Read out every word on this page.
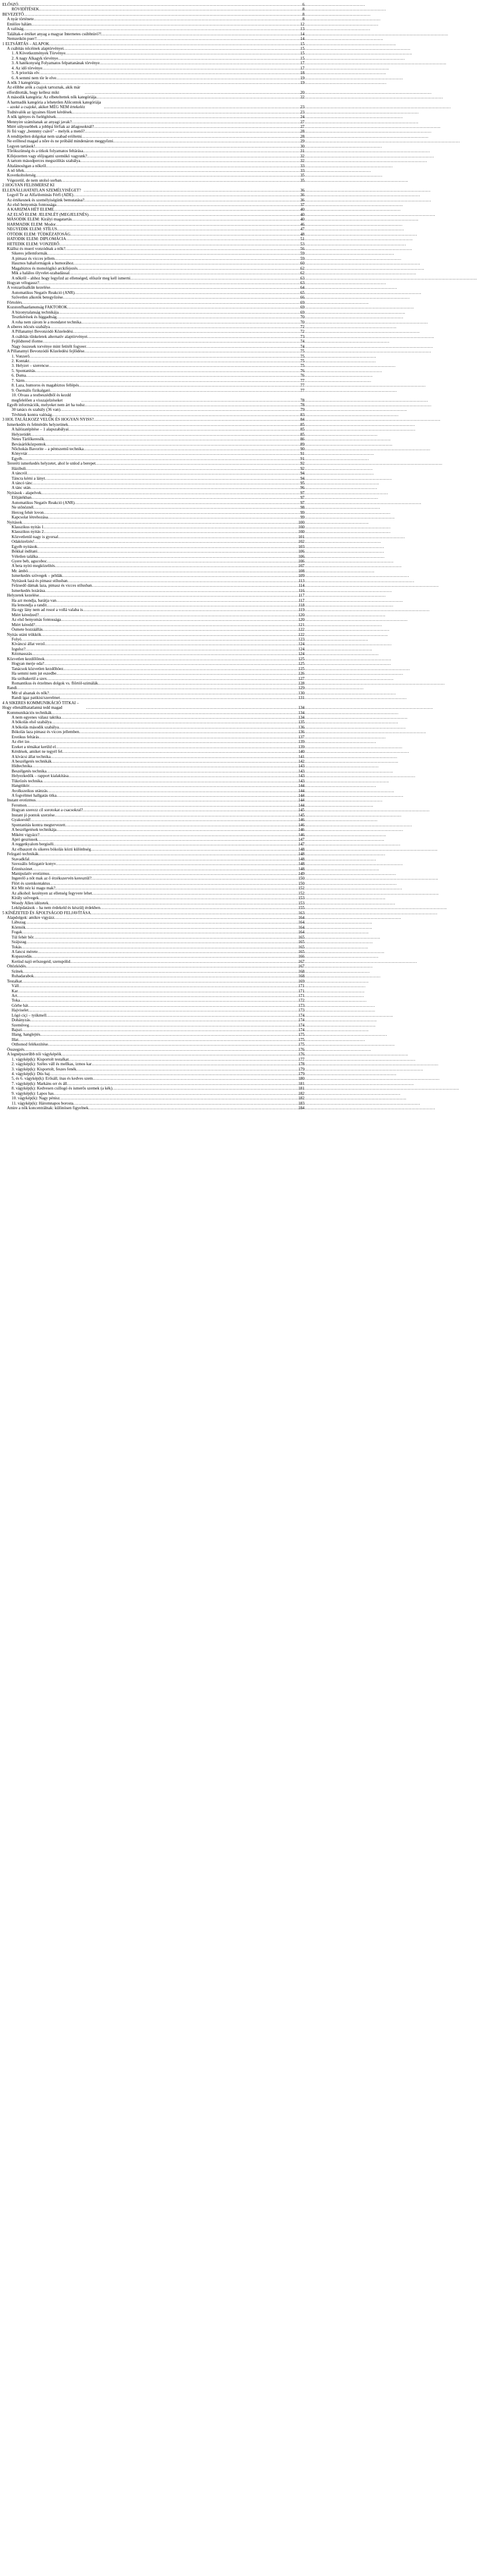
ELŐSZÓ .....	6
RÖVIDÍTÉSEK .....	8
BEVEZETŐ .....	8
A nyár története .....	8
Emlőire hálám .....	12
A valóság .....	13
Találtak-e értéket anyag a magyar Internetes csúbhtúró?! .....	14
Nemzetkön puer? .....	14
1 ELTSÁRTÁS – ALAPOK .....	15
A csábítás nőcéinek alaptörvényei .....	15
1. A Következmények Törvénye .....	15
2. A nagy Alkagyk törvénye .....	15
3. A hatékonység Folyamatos felpattanának törvénye .....	17
4. Az idő törvénye .....	17
5. A prioritás elv .....	18
6. A semmi nem tör le elve .....	19
A nők 3 kategóriája .....	19
Az előbbe arók a csajok tartoznak, akik már elfordították, hogy kellesz mikt .....	20
A második kategória: Az elbeteltettek nők kategóriája .....	22
A harmadik kategória a lehetetlen Alőcontok kategóriája – azoké a csajoké, akiket MÉG NEM értekeléz .....	23
Tudnivalók az ígyaines fűzett kérdések .....	23
A nők igényes és fselégítések .....	24
Mennyire számítanak az anyagi javak? .....	27
Miért súlyosebbek a jobbpá férfiak az átlagosoknál? .....	27
Jó fiú vagy „bennmy csávó" – melyik a menő? .....	28
A rendtipelten dolgokat nem szabad eröltetni .....	28
Ne erőltesd magad a nőre és ne próbáld mindenáron meggyőzni .....	29
Legyen tartások! .....	30
Tőrökszünség és a titkok folyamatos feltárása .....	31
Kifejezetten vagy előjogatni szemükö vagyunk? .....	32
A tartom másodperces megszólítás szabálya .....	32
Általánosítgan a nőkről .....	33
A nő lélek .....	33
Kovetkoltolerség .....	35
Végezetül, de nem utolsó sorban .....	35
2 HOGYAN FELISMERSZ KI ELLENÁLLHATATLAN SZEMÉLYISÉGET? .....	36
Legyél Te az Alfa/dominás Férfi (ADE) .....	36
Az értékesnek és személyiségünk bemutatása? .....	36
Az első benyomás fontossága .....	37
A KARIZMA HÉT ELEME .....	40
AZ ELSŐ ELEM: JELENLÉT (MEGJELENÉS) .....	40
MÁSODIK ELEM: Királyi magatartás .....	40
HARMADIK ELEM: Modor .....	46
NEGYEDIK ELEM: STÍLUS .....	47
ÖTÖDIK ELEM: TÚDKÉZATOSÁG .....	48
HATODIK ELEM: DIPLOMÁCIA .....	51
HETEDIK ELEM: VONZERŐ .....	53
Kiállsz és muerí vonzódnak a nők? .....	56
Sikeres jellemformák .....	59
A pimasz és vicces jellem .....	59
Hasznos hahaformágok a humorához .....	60
Magabiztos és monológikó arckifejezés .....	62
Mik a halálos ölyvelet-szabadással .....	62
A nőkről – ahhoz hogy legyőzd az ellenséged, először meg kell ismerni .....	63
Hogyan vélogassz? .....	63
A vonzarűsalkűn kezelése .....	64
Automatikus Negatív Reakció (ANR) .....	65
Szövetlen alkotók betegyőzése .....	66
Főrtolérs .....	69
Kozstonfhaatlanunság FAKTOROK .....	69
A bizonytalanság technikája .....	69
Tesztkérések és higgadtság .....	70
A roha nem zárom le a mondatot technika .....	70
A siberes nőcsés szabálya .....	72
A Pillanatnyi Bevonzódó Közeledési .....	72
A csábítás tűnkeletek alternatív alaptörvényei .....	73
Fejlődtered iforme .....	74
Nagy összesek torvénye mint fetitélt fogyeer .....	74
A Pillanatnyi Bevonzódó Közeledési fejlődése .....	75
1. Vonzerő .....	75
2. Kontakt .....	75
3. Helyzet – szerencse .....	75
5. Spontanitás .....	76
6. Duma .....	76
7. Sárm .....	77
8. Laza, humoros és magabiztos fellépés .....	77
9. Ösemális fizikalgató .....	77
10. Olvass a testbeszédből és kezdd megfelelően a visszajelzéseket .....	78
Egyéb információk, melyeket nem árt ha tudsz .....	78
30 tanács és szabály (36 van) .....	79
Tévhitek kontra valóság .....	83
3 HOL TALÁLKOZZ VELÜK ÉS HOGYAN NYISS? .....	84
Ismerkedés és felmérdés helyzetinek .....	85
A hálózatépítése – 1 alapszabályai .....	85
Helyzetidét .....	85
Netes Tárlőkeresők .....	86
Bevásárlóközpontok .....	89
Nőchokás Bavorite – a péntszemű technika .....	90
Könyvtár .....	91
Egyéb .....	91
Tereréti ismerkedés helyzetet, ahol le unlod a berepet .....	92
Házibuli .....	92
A táncról .....	94
Táncra kérni a lányt .....	94
A táncó tánc .....	95
A tánc után .....	96
Nyitások - alapelvek .....	97
Előjátékban .....	97
Automatikus Negatív Reakció (ANR) .....	97
Ne stőnöznél .....	98
Herceg fehér lovon .....	99
Kapcsolat létrehozása .....	99
Nyitások .....	100
Klasszikus nyitás 1 .....	100
Klasszikus nyitás 2 .....	100
Közvetlenül nagy is gyorsal .....	101
Odaközelzés! .....	102
Egyéb nyitások .....	103
Bókkal indítani .....	106
Véletlen találka .....	106
Gyere beb, agucoboc .....	106
A beta nyitó megközelítés .....	107
Mr. ámbó .....	108
Ismerkedés szövegek – példák .....	109
Nyitások lazá és pimasz stílusban .....	113
Felzsedő dámak laza, pimasz és vicces stílusban .....	114
Ismerkedés lezárása .....	116
Helyzetek kezelése .....	117
Ha azt mondja, barátja van .....	117
Ha lemondja a randit .....	118
Ha egy lány nem ad rosoé a vollá valaba is .....	119
Miért kéredzed? .....	120
Az első benyomás fontossága .....	120
Miért kéredd? .....	121
Ösmete hozzáállás .....	122
Nyitás utáni trükkök .....	122
Folyó .....	123
Kíváncsi állat verző .....	124
Izgulsz? .....	124
Kézmasszás .....	124
Közvetlen kezdőlőnok .....	125
Hogyan merje oda? .....	125
Tanácsok közvetlen kezdőhöez .....	125
Ha semmi nem jut eszedbe .....	126
Ha szóbakerül a szex .....	127
Romantikus és érzelmes dolgok vs. flőrtöl-szimálák .....	128
Randi .....	129
Mit ul alsanak és nők? .....	130
Randi ígaz patikisi/szerelmet .....	131
4 A SIKERES KOMMUNIKÁCIÓ TITKAI – Hogy ellenállhatatlanná tedd magad .....	134
Kommunikációs technikák .....	134
A nem egyenes válasz taktika .....	134
A bókolás első szabálya .....	135
A bókolás második szabálya .....	136
Bókolás laza pimasz és vicces jellemben .....	136
Erotikus feltárás .....	137
Az élet íze .....	139
Ezeket a témákat kerüld el .....	139
Kérdések, amiket ne tegyél fel .....	140
A kívácsi állat technika .....	141
A beszélgetés technikák .....	142
Hídtechnika .....	143
Beszélgetés technika .....	143
Helyezkedők – rapport kialakítása .....	143
Tükrözés technika .....	143
Hangtükör .....	144
Avolkszeikus utánzás .....	144
A fogvélmei hallgatás titka .....	144
Instant erotizmus .....	144
Feromon .....	144
Hogyan szerezz cíl sorotokat a csacsokral? .....	145
Instant jó pontok szerzése .....	145
Gyakorold! .....	146
Spontanitás kontra megtervezett .....	146
A beszélgetések technikája .....	146
Miként vigyázz? .....	146
Apró gesztusok .....	147
A reggetkyalom bergiséli .....	147
Az elbaszott és sikeres bókolás közti különbség .....	148
Felzgató technikák .....	148
Stavadkfal .....	148
Szexuális felizgatór konyv .....	148
Érintészónet .....	148
Manipulatív erotizmus .....	149
Ingerelő a nőt mak az ő érzékszervén keresztül? .....	150
Flört és szemkontaktus .....	150
Kit Mit néz ki magu mak? .....	152
Az alkohol: kezényen az ellenség fegyvere lehet .....	152
Kírály szövegek .....	153
Woody Allen idézetek .....	153
Leköpdatások – ha nem érdekeld és készülj érdekben .....	155
5 KÍNÉZETED ÉS ÁPOLTSÁGOD FELJAVÍTÁSA .....	163
Alapdolgok: amíkre vigyázz .....	164
Lábszag .....	164
Körmök .....	164
Fogak .....	164
Túl fehér bőr .....	165
Szájszag .....	165
Tokás .....	165
A fancsi mérete .....	165
Kopaszodás .....	166
Kerüsd najó erőszegeid, szenspólid .....	167
Öltözködés .....	167
Színek .....	168
Ruhadarabok .....	168
Testalkat .....	169
Váll .....	171
Kar .....	171
Art .....	171
Toka .....	172
Görbe hát .....	173
Hajviselet .....	173
Lógó ciçi – tyúkmell .....	174
Dohányzás .....	174
Szemüveg .....	174
Bajszi .....	174
Illang, hanglejtés .....	175
Illat .....	175
Otthonod felékezítése .....	175
Összegzés .....	176
A legnépszerűbb női vágyképéik .....	176
1. vágykép(k): Kisportolt testalkat .....	177
2. vágykép(k): Széles váll és mellkas, izmos kar .....	178
3. vágykép(k): Kisportolt, feszes fenék .....	179
4. vágykép(k): Dús haj .....	179
5, és 6. vágykép(k): Erősáll, ínas és kedves szem .....	180
7. vágykép(k): Markáns orr és áll .....	181
8. vágykép(k): Kedvesen csillogó és ismerős szemek (a kék) .....	181
9. vágykép(k): Lapos has .....	182
10. vágykép(k): Nagy pénisz .....	182
11. vágykép(k): Háromnapos borosta .....	183
Amire a nők koncentrálnak: különösen figyelnek .....	184
